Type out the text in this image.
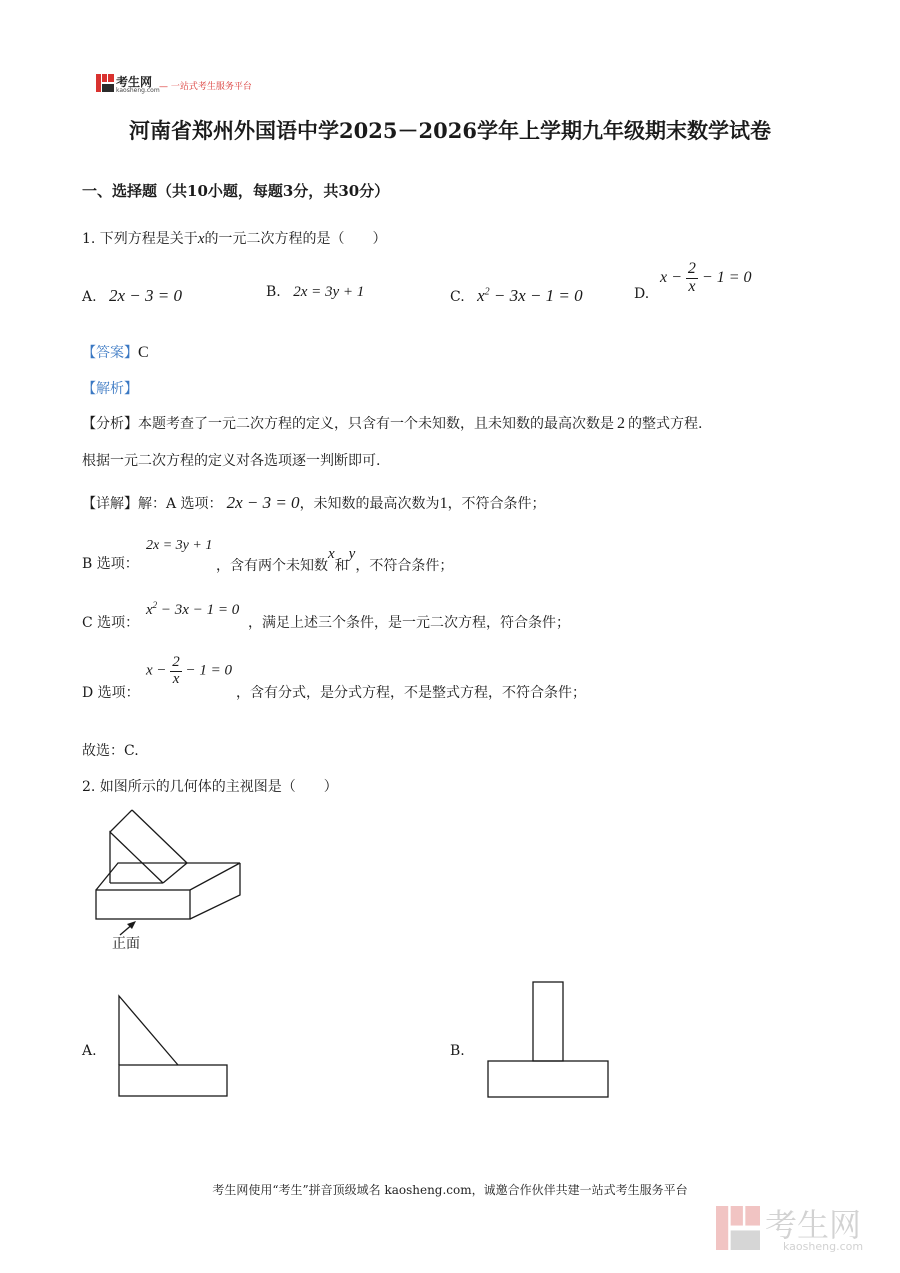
考生网
kaosheng.com — 一站式考生服务平台
河南省郑州外国语中学2025－2026学年上学期九年级期末数学试卷
一、选择题（共10小题，每题3分，共30分）
1. 下列方程是关于x的一元二次方程的是（　　）
A. 2x − 3 = 0	B. 2x = 3y + 1	C. $x^2 - 3x - 1 = 0$	D.
$x - \frac{2}{x} - 1 = 0$
【答案】C
【解析】
【分析】本题考查了一元二次方程的定义，只含有一个未知数，且未知数的最高次数是 2 的整式方程.
根据一元二次方程的定义对各选项逐一判断即可.
【详解】解：A 选项： 2x − 3 = 0，未知数的最高次数为1，不符合条件；
B 选项：
2x = 3y + 1
，含有两个未知数x和y，不符合条件；
C 选项：
$x^2 - 3x - 1 = 0$
，满足上述三个条件，是一元二次方程，符合条件；
D 选项：
$x - \frac{2}{x} - 1 = 0$
，含有分式，是分式方程，不是整式方程，不符合条件；
故选：C.
2. 如图所示的几何体的主视图是（　　）
正面
A.	B.
考生网使用“考生”拼音顶级域名 kaosheng.com，诚邀合作伙伴共建一站式考生服务平台
考生网
kaosheng.com
